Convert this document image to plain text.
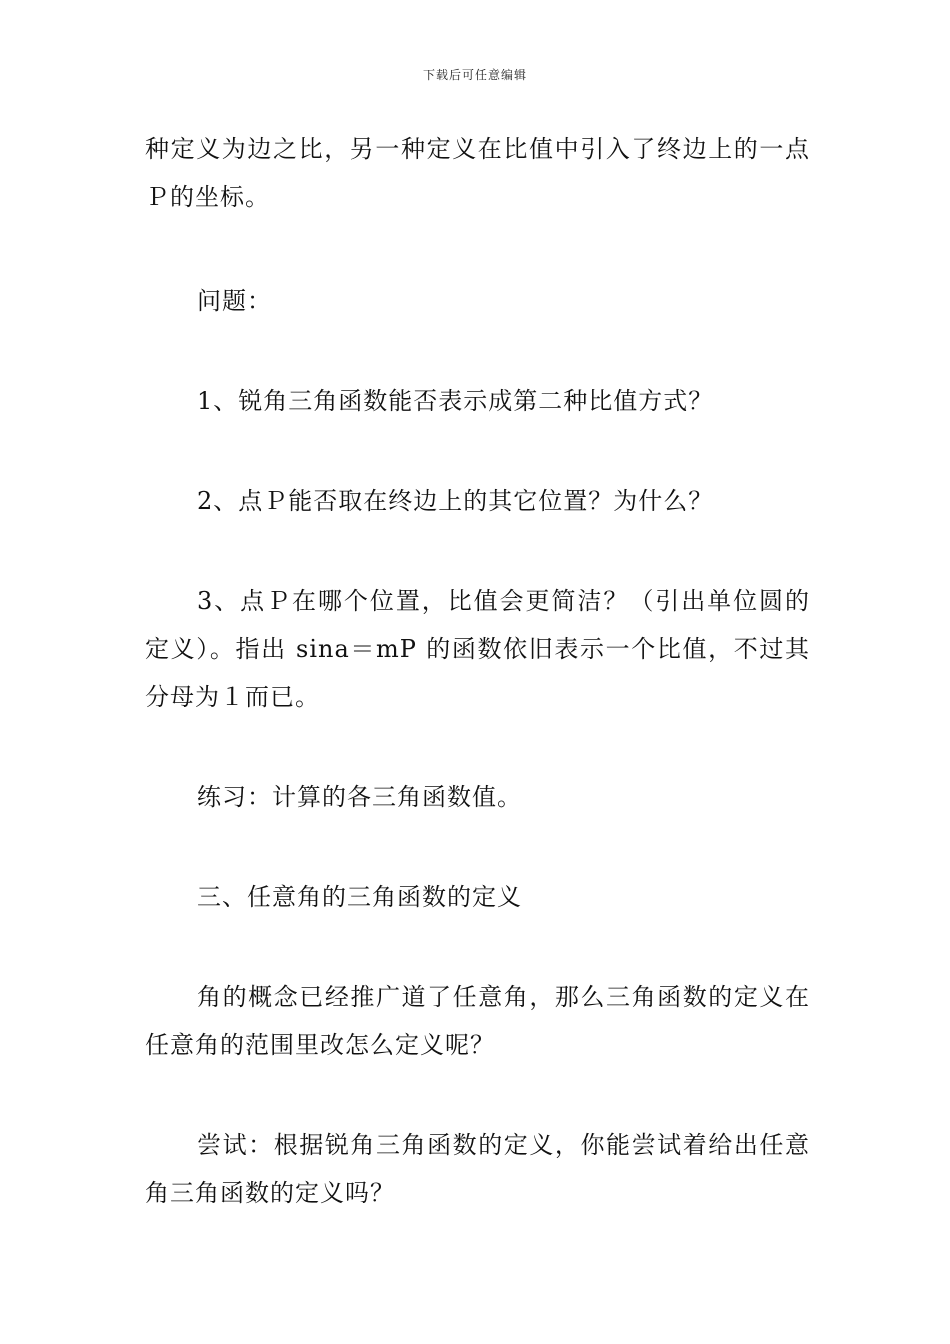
下载后可任意编辑

种定义为边之比，另一种定义在比值中引入了终边上的一点Ｐ的坐标。

问题：

1、锐角三角函数能否表示成第二种比值方式？

2、点Ｐ能否取在终边上的其它位置？为什么？

3、点Ｐ在哪个位置，比值会更简洁？（引出单位圆的定义）。指出 sina＝mP 的函数依旧表示一个比值，不过其分母为１而已。

练习：计算的各三角函数值。

三、任意角的三角函数的定义

角的概念已经推广道了任意角，那么三角函数的定义在任意角的范围里改怎么定义呢？

尝试：根据锐角三角函数的定义，你能尝试着给出任意角三角函数的定义吗？
